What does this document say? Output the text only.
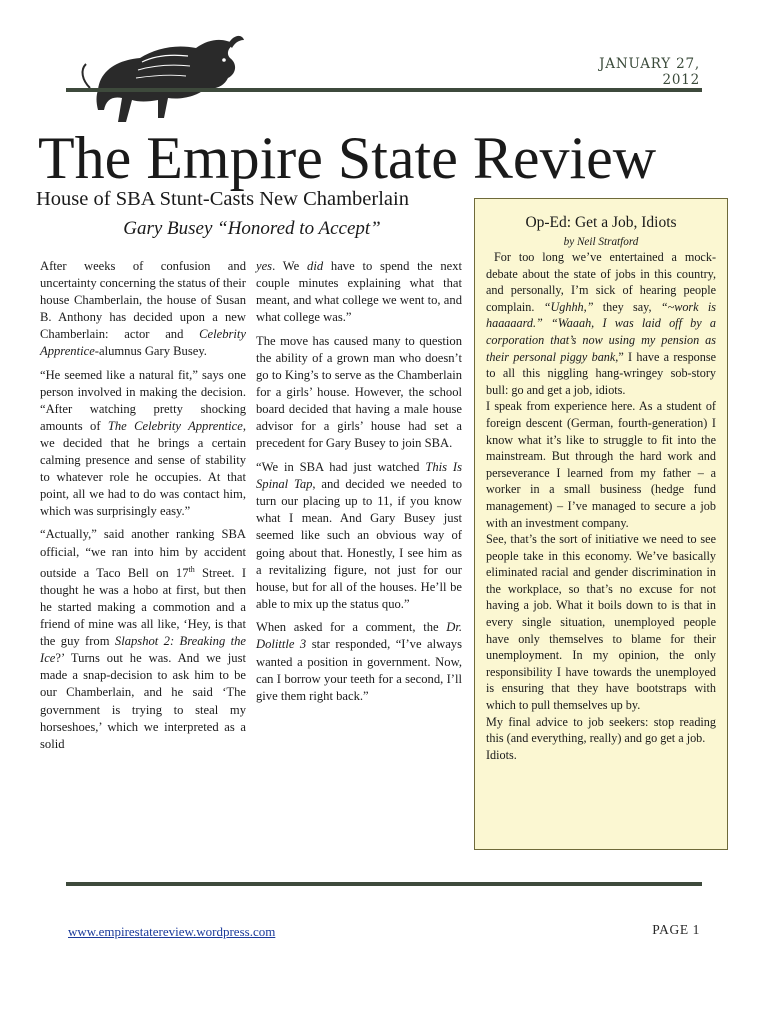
JANUARY 27, 2012
The Empire State Review
House of SBA Stunt-Casts New Chamberlain
Gary Busey “Honored to Accept”

After weeks of confusion and uncertainty concerning the status of their house Chamberlain, the house of Susan B. Anthony has decided upon a new Chamberlain: actor and Celebrity Apprentice-alumnus Gary Busey.

“He seemed like a natural fit,” says one person involved in making the decision. “After watching pretty shocking amounts of The Celebrity Apprentice, we decided that he brings a certain calming presence and sense of stability to whatever role he occupies. At that point, all we had to do was contact him, which was surprisingly easy.”

“Actually,” said another ranking SBA official, “we ran into him by accident outside a Taco Bell on 17th Street. I thought he was a hobo at first, but then he started making a commotion and a friend of mine was all like, ‘Hey, is that the guy from Slapshot 2: Breaking the Ice?’ Turns out he was. And we just made a snap-decision to ask him to be our Chamberlain, and he said ‘The government is trying to steal my horseshoes,’ which we interpreted as a solid

yes. We did have to spend the next couple minutes explaining what that meant, and what college we went to, and what college was.”

The move has caused many to question the ability of a grown man who doesn’t go to King’s to serve as the Chamberlain for a girls’ house. However, the school board decided that having a male house advisor for a girls’ house had set a precedent for Gary Busey to join SBA.

“We in SBA had just watched This Is Spinal Tap, and decided we needed to turn our placing up to 11, if you know what I mean. And Gary Busey just seemed like such an obvious way of going about that. Honestly, I see him as a revitalizing figure, not just for our house, but for all of the houses. He’ll be able to mix up the status quo.”

When asked for a comment, the Dr. Dolittle 3 star responded, “I’ve always wanted a position in government. Now, can I borrow your teeth for a second, I’ll give them right back.”

Op-Ed: Get a Job, Idiots
by Neil Stratford

For too long we’ve entertained a mock-debate about the state of jobs in this country, and personally, I’m sick of hearing people complain. “Ughhh,” they say, “~work is haaaaard.” “Waaah, I was laid off by a corporation that’s now using my pension as their personal piggy bank,” I have a response to all this niggling hang-wringey sob-story bull: go and get a job, idiots.

I speak from experience here. As a student of foreign descent (German, fourth-generation) I know what it’s like to struggle to fit into the mainstream. But through the hard work and perseverance I learned from my father – a worker in a small business (hedge fund management) – I’ve managed to secure a job with an investment company.

See, that’s the sort of initiative we need to see people take in this economy. We’ve basically eliminated racial and gender discrimination in the workplace, so that’s no excuse for not having a job. What it boils down to is that in every single situation, unemployed people have only themselves to blame for their unemployment. In my opinion, the only responsibility I have towards the unemployed is ensuring that they have bootstraps with which to pull themselves up by.

My final advice to job seekers: stop reading this (and everything, really) and go get a job.

Idiots.

www.empirestatereview.wordpress.com	PAGE 1
